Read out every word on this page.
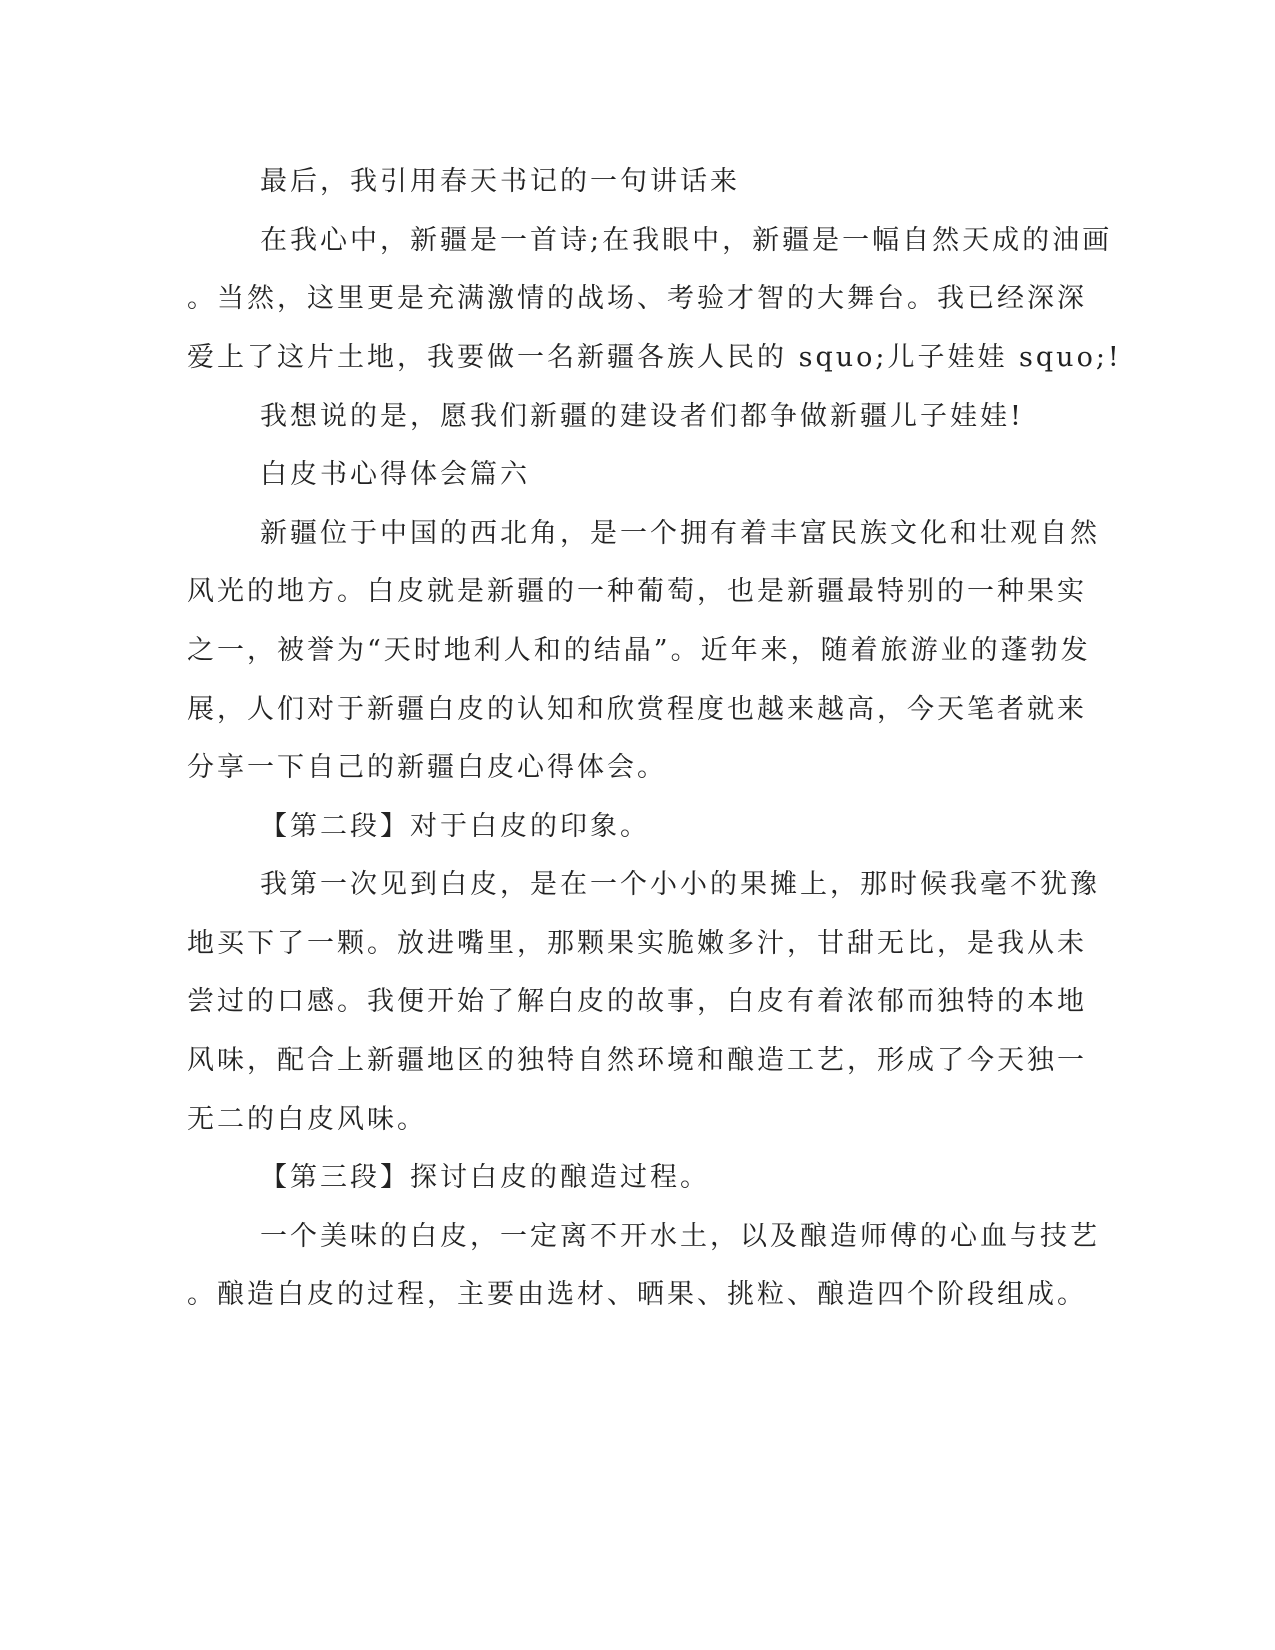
最后，我引用春天书记的一句讲话来

在我心中，新疆是一首诗;在我眼中，新疆是一幅自然天成的油画

。当然，这里更是充满激情的战场、考验才智的大舞台。我已经深深

爱上了这片土地，我要做一名新疆各族人民的 squo;儿子娃娃 squo;!

我想说的是，愿我们新疆的建设者们都争做新疆儿子娃娃!

白皮书心得体会篇六

新疆位于中国的西北角，是一个拥有着丰富民族文化和壮观自然

风光的地方。白皮就是新疆的一种葡萄，也是新疆最特别的一种果实

之一，被誉为“天时地利人和的结晶”。近年来，随着旅游业的蓬勃发

展，人们对于新疆白皮的认知和欣赏程度也越来越高，今天笔者就来

分享一下自己的新疆白皮心得体会。

【第二段】对于白皮的印象。

我第一次见到白皮，是在一个小小的果摊上，那时候我毫不犹豫

地买下了一颗。放进嘴里，那颗果实脆嫩多汁，甘甜无比，是我从未

尝过的口感。我便开始了解白皮的故事，白皮有着浓郁而独特的本地

风味，配合上新疆地区的独特自然环境和酿造工艺，形成了今天独一

无二的白皮风味。

【第三段】探讨白皮的酿造过程。

一个美味的白皮，一定离不开水土，以及酿造师傅的心血与技艺

。酿造白皮的过程，主要由选材、晒果、挑粒、酿造四个阶段组成。
